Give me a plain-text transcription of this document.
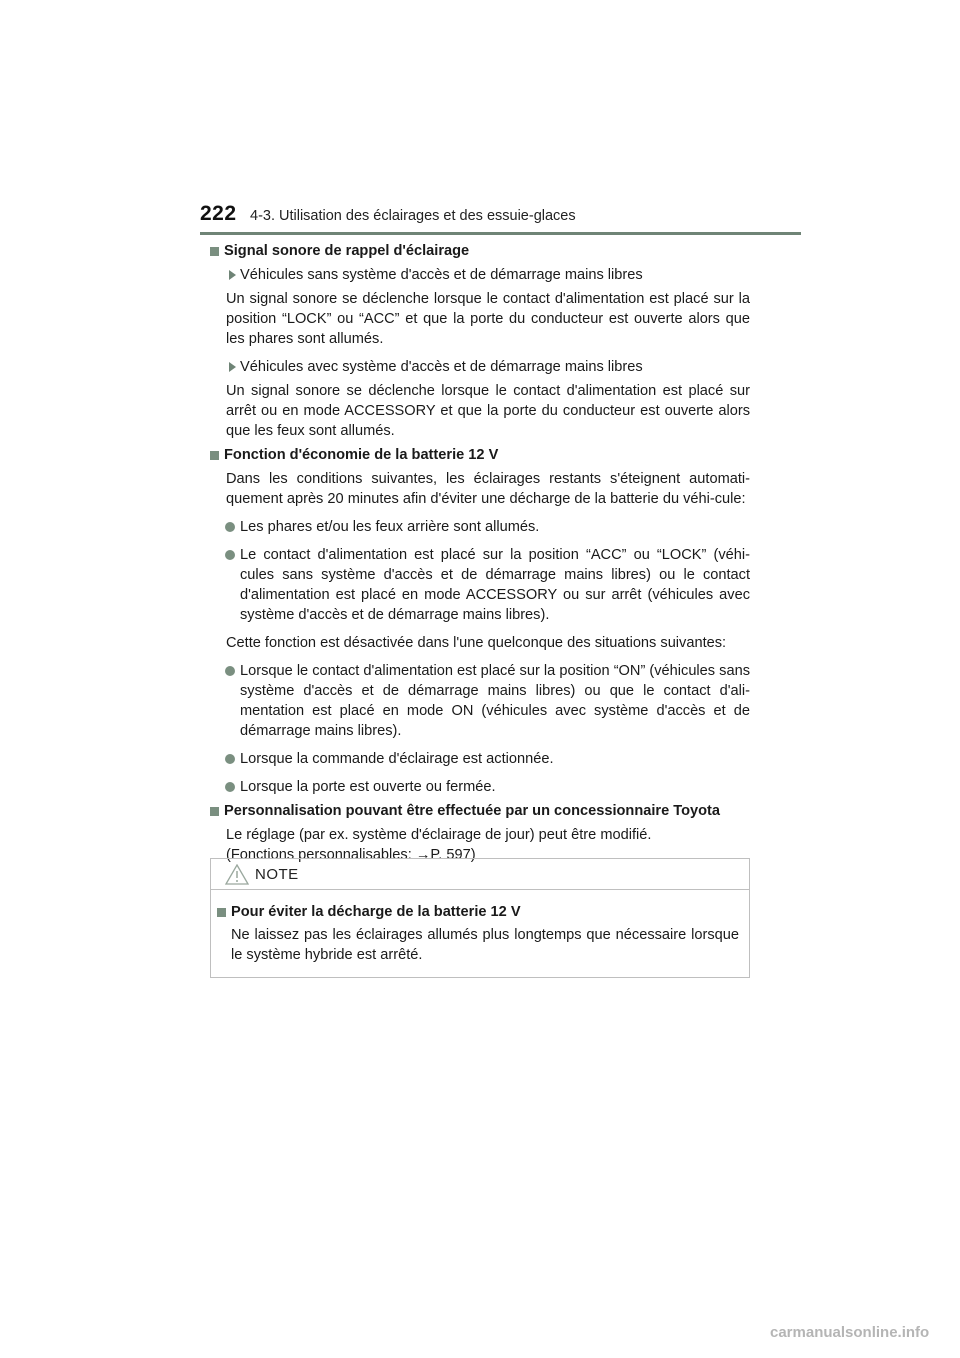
222 4-3. Utilisation des éclairages et des essuie-glaces
Signal sonore de rappel d'éclairage
Véhicules sans système d'accès et de démarrage mains libres
Un signal sonore se déclenche lorsque le contact d'alimentation est placé sur la position “LOCK” ou “ACC” et que la porte du conducteur est ouverte alors que les phares sont allumés.
Véhicules avec système d'accès et de démarrage mains libres
Un signal sonore se déclenche lorsque le contact d'alimentation est placé sur arrêt ou en mode ACCESSORY et que la porte du conducteur est ouverte alors que les feux sont allumés.
Fonction d'économie de la batterie 12 V
Dans les conditions suivantes, les éclairages restants s'éteignent automati-quement après 20 minutes afin d'éviter une décharge de la batterie du véhi-cule:
Les phares et/ou les feux arrière sont allumés.
Le contact d'alimentation est placé sur la position “ACC” ou “LOCK” (véhi-cules sans système d'accès et de démarrage mains libres) ou le contact d'alimentation est placé en mode ACCESSORY ou sur arrêt (véhicules avec système d'accès et de démarrage mains libres).
Cette fonction est désactivée dans l'une quelconque des situations suivantes:
Lorsque le contact d'alimentation est placé sur la position “ON” (véhicules sans système d'accès et de démarrage mains libres) ou que le contact d'ali-mentation est placé en mode ON (véhicules avec système d'accès et de démarrage mains libres).
Lorsque la commande d'éclairage est actionnée.
Lorsque la porte est ouverte ou fermée.
Personnalisation pouvant être effectuée par un concessionnaire Toyota
Le réglage (par ex. système d'éclairage de jour) peut être modifié.
(Fonctions personnalisables: →P. 597)
NOTE
Pour éviter la décharge de la batterie 12 V
Ne laissez pas les éclairages allumés plus longtemps que nécessaire lorsque le système hybride est arrêté.
carmanualsonline.info
